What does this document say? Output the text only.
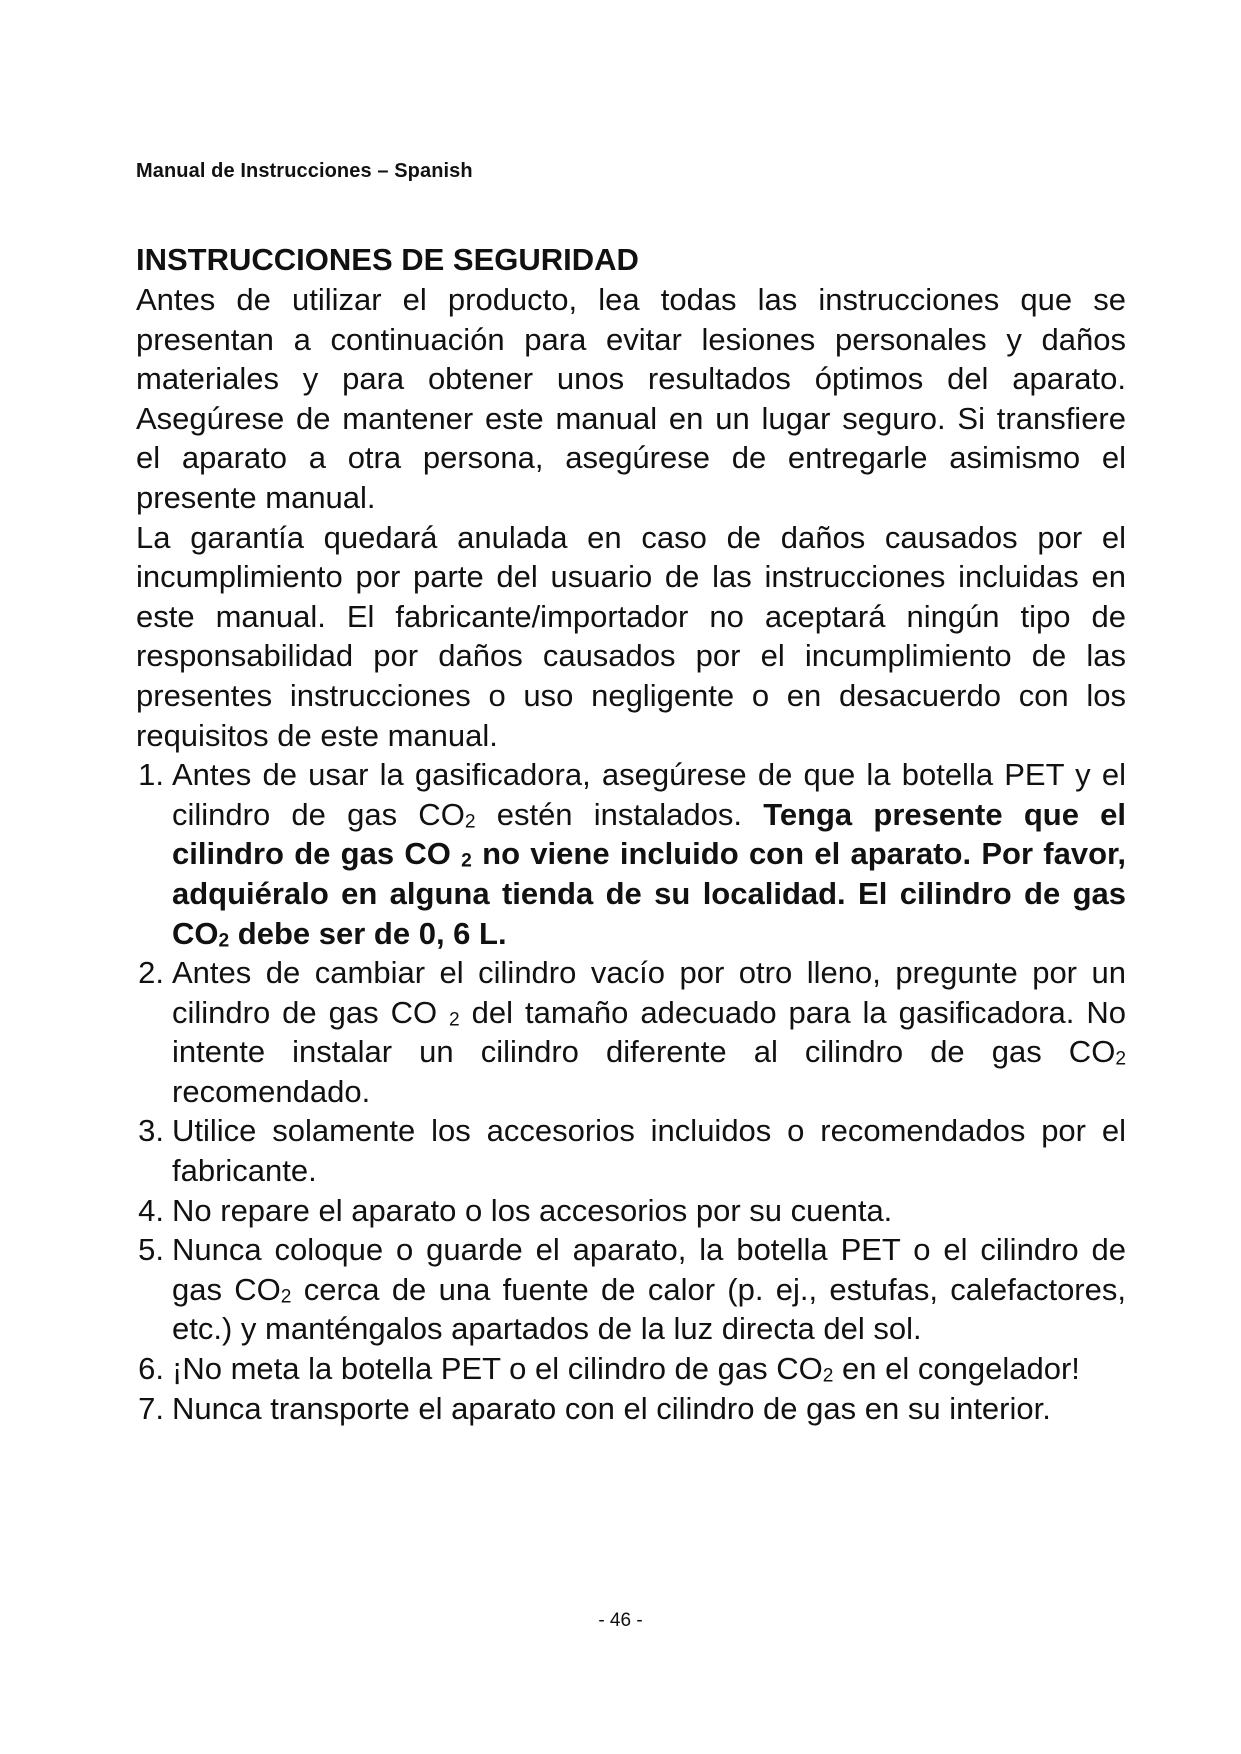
Manual de Instrucciones – Spanish
INSTRUCCIONES DE SEGURIDAD

Antes de utilizar el producto, lea todas las instrucciones que se presentan a continuación para evitar lesiones personales y daños materiales y para obtener unos resultados óptimos del aparato. Asegúrese de mantener este manual en un lugar seguro. Si transfiere el aparato a otra persona, asegúrese de entregarle asimismo el presente manual.

La garantía quedará anulada en caso de daños causados por el incumplimiento por parte del usuario de las instrucciones incluidas en este manual. El fabricante/importador no aceptará ningún tipo de responsabilidad por daños causados por el incumplimiento de las presentes instrucciones o uso negligente o en desacuerdo con los requisitos de este manual.

1. Antes de usar la gasificadora, asegúrese de que la botella PET y el cilindro de gas $CO_2$ estén instalados. Tenga presente que el cilindro de gas CO $_2$ no viene incluido con el aparato. Por favor, adquiéralo en alguna tienda de su localidad. El cilindro de gas $CO_2$ debe ser de 0, 6 L.
2. Antes de cambiar el cilindro vacío por otro lleno, pregunte por un cilindro de gas CO $_2$ del tamaño adecuado para la gasificadora. No intente instalar un cilindro diferente al cilindro de gas $CO_2$ recomendado.
3. Utilice solamente los accesorios incluidos o recomendados por el fabricante.
4. No repare el aparato o los accesorios por su cuenta.
5. Nunca coloque o guarde el aparato, la botella PET o el cilindro de gas $CO_2$ cerca de una fuente de calor (p. ej., estufas, calefactores, etc.) y manténgalos apartados de la luz directa del sol.
6. ¡No meta la botella PET o el cilindro de gas $CO_2$ en el congelador!
7. Nunca transporte el aparato con el cilindro de gas en su interior.
- 46 -
